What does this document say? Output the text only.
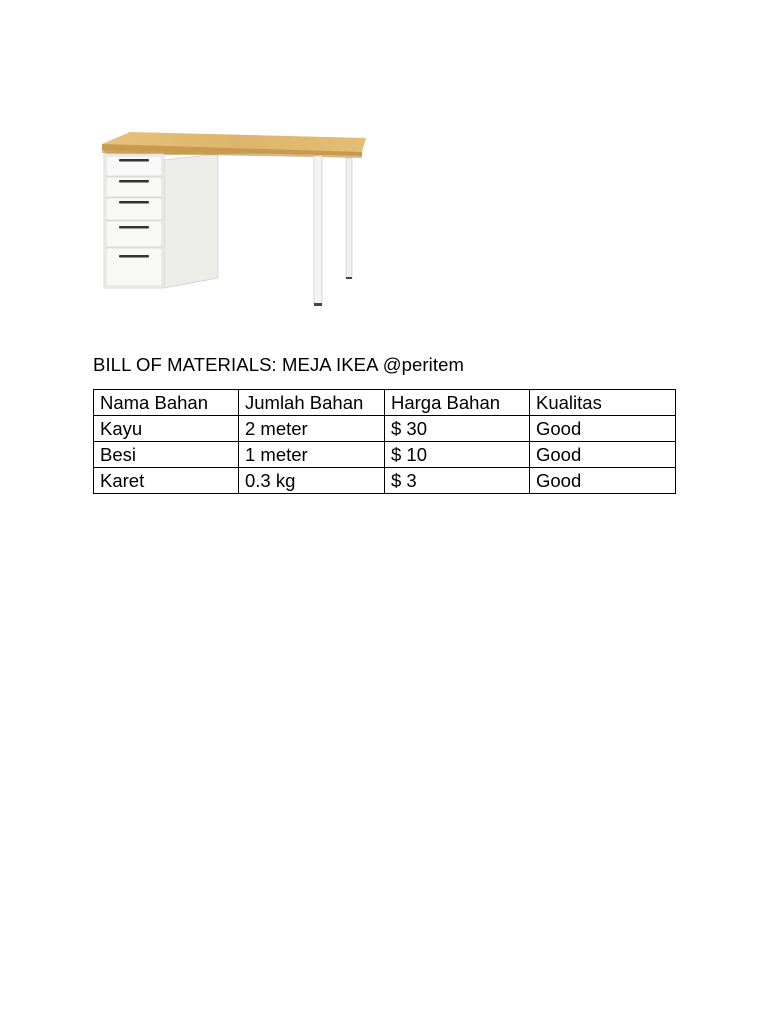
BILL OF MATERIALS: MEJA IKEA @peritem
Nama Bahan	Jumlah Bahan	Harga Bahan	Kualitas
Kayu	2 meter	$ 30	Good
Besi	1 meter	$ 10	Good
Karet	0.3 kg	$ 3	Good
